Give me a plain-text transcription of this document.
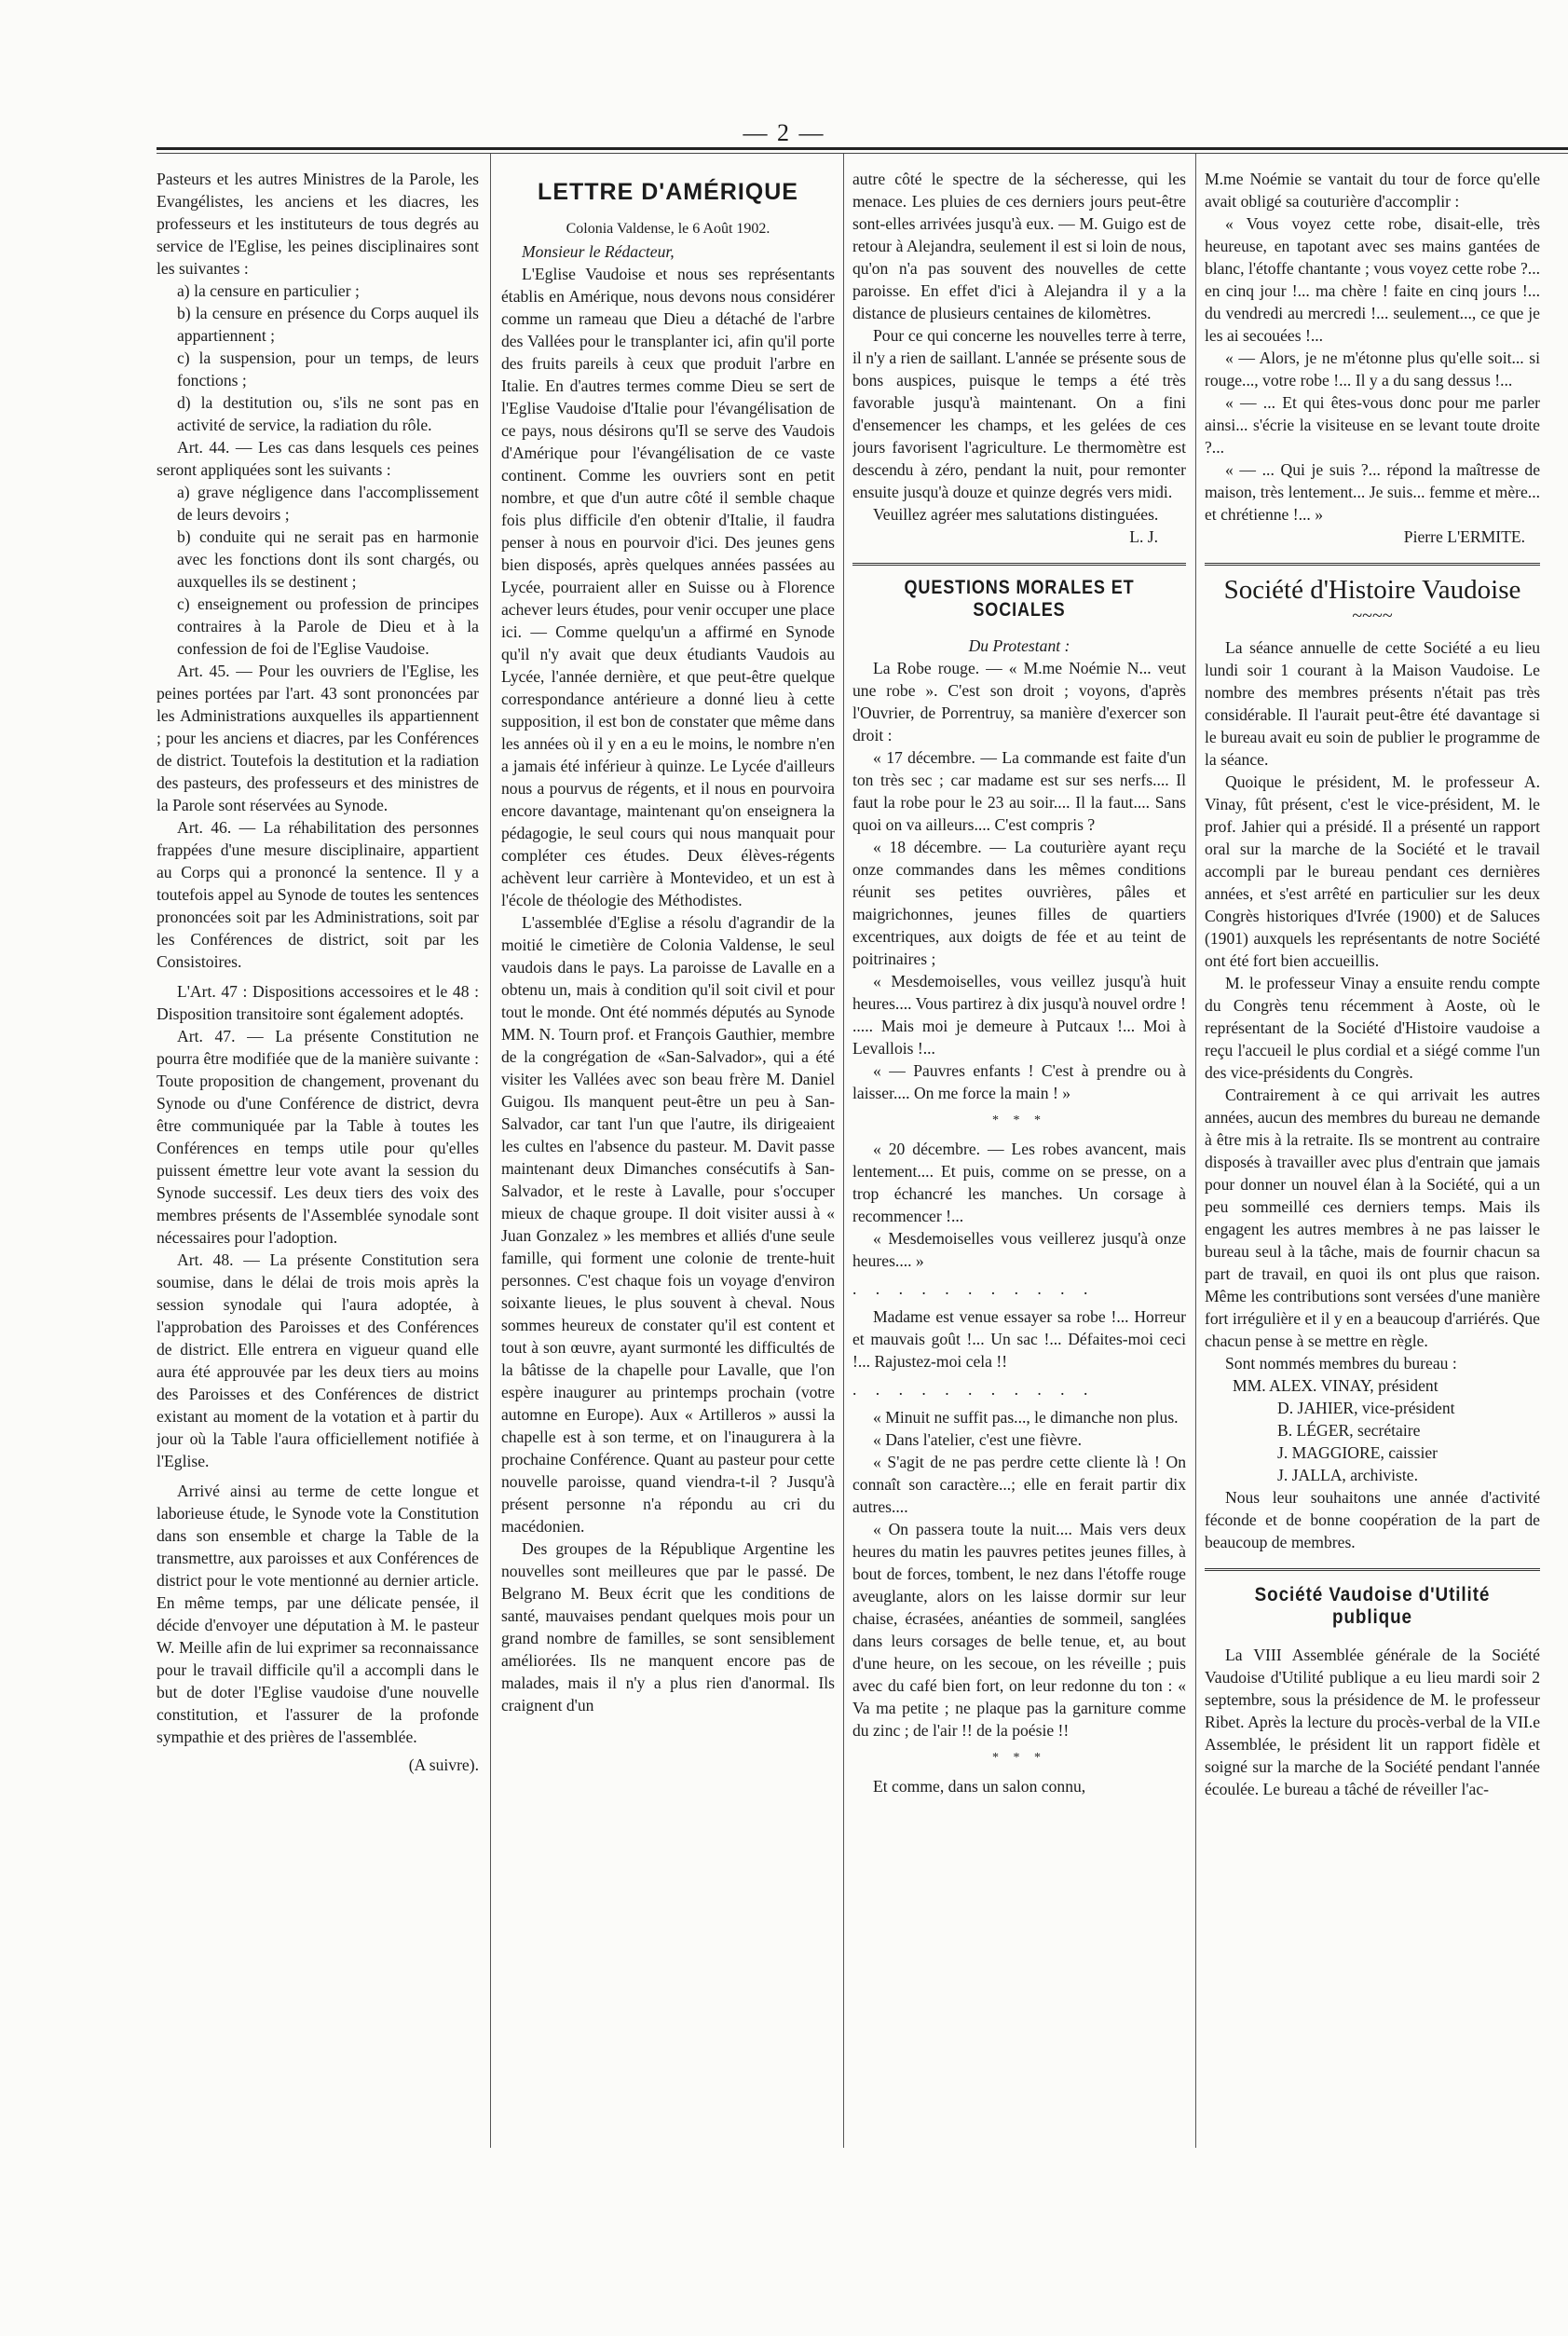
— 2 —

Pasteurs et les autres Ministres de la Parole, les Evangélistes, les anciens et les diacres, les professeurs et les instituteurs de tous degrés au service de l'Eglise, les peines disciplinaires sont les suivantes :

a) la censure en particulier ;

b) la censure en présence du Corps auquel ils appartiennent ;

c) la suspension, pour un temps, de leurs fonctions ;

d) la destitution ou, s'ils ne sont pas en activité de service, la radiation du rôle.

Art. 44. — Les cas dans lesquels ces peines seront appliquées sont les suivants :

a) grave négligence dans l'accomplissement de leurs devoirs ;

b) conduite qui ne serait pas en harmonie avec les fonctions dont ils sont chargés, ou auxquelles ils se destinent ;

c) enseignement ou profession de principes contraires à la Parole de Dieu et à la confession de foi de l'Eglise Vaudoise.

Art. 45. — Pour les ouvriers de l'Eglise, les peines portées par l'art. 43 sont prononcées par les Administrations auxquelles ils appartiennent ; pour les anciens et diacres, par les Conférences de district. Toutefois la destitution et la radiation des pasteurs, des professeurs et des ministres de la Parole sont réservées au Synode.

Art. 46. — La réhabilitation des personnes frappées d'une mesure disciplinaire, appartient au Corps qui a prononcé la sentence. Il y a toutefois appel au Synode de toutes les sentences prononcées soit par les Administrations, soit par les Conférences de district, soit par les Consistoires.

L'Art. 47 : Dispositions accessoires et le 48 : Disposition transitoire sont également adoptés.

Art. 47. — La présente Constitution ne pourra être modifiée que de la manière suivante : Toute proposition de changement, provenant du Synode ou d'une Conférence de district, devra être communiquée par la Table à toutes les Conférences en temps utile pour qu'elles puissent émettre leur vote avant la session du Synode successif. Les deux tiers des voix des membres présents de l'Assemblée synodale sont nécessaires pour l'adoption.

Art. 48. — La présente Constitution sera soumise, dans le délai de trois mois après la session synodale qui l'aura adoptée, à l'approbation des Paroisses et des Conférences de district. Elle entrera en vigueur quand elle aura été approuvée par les deux tiers au moins des Paroisses et des Conférences de district existant au moment de la votation et à partir du jour où la Table l'aura officiellement notifiée à l'Eglise.

Arrivé ainsi au terme de cette longue et laborieuse étude, le Synode vote la Constitution dans son ensemble et charge la Table de la transmettre, aux paroisses et aux Conférences de district pour le vote mentionné au dernier article. En même temps, par une délicate pensée, il décide d'envoyer une députation à M. le pasteur W. Meille afin de lui exprimer sa reconnaissance pour le travail difficile qu'il a accompli dans le but de doter l'Eglise vaudoise d'une nouvelle constitution, et l'assurer de la profonde sympathie et des prières de l'assemblée.

(A suivre).

LETTRE D'AMÉRIQUE

Colonia Valdense, le 6 Août 1902.

Monsieur le Rédacteur,

L'Eglise Vaudoise et nous ses représentants établis en Amérique, nous devons nous considérer comme un rameau que Dieu a détaché de l'arbre des Vallées pour le transplanter ici, afin qu'il porte des fruits pareils à ceux que produit l'arbre en Italie. En d'autres termes comme Dieu se sert de l'Eglise Vaudoise d'Italie pour l'évangélisation de ce pays, nous désirons qu'Il se serve des Vaudois d'Amérique pour l'évangélisation de ce vaste continent. Comme les ouvriers sont en petit nombre, et que d'un autre côté il semble chaque fois plus difficile d'en obtenir d'Italie, il faudra penser à nous en pourvoir d'ici. Des jeunes gens bien disposés, après quelques années passées au Lycée, pourraient aller en Suisse ou à Florence achever leurs études, pour venir occuper une place ici. — Comme quelqu'un a affirmé en Synode qu'il n'y avait que deux étudiants Vaudois au Lycée, l'année dernière, et que peut-être quelque correspondance antérieure a donné lieu à cette supposition, il est bon de constater que même dans les années où il y en a eu le moins, le nombre n'en a jamais été inférieur à quinze. Le Lycée d'ailleurs nous a pourvus de régents, et il nous en pourvoira encore davantage, maintenant qu'on enseignera la pédagogie, le seul cours qui nous manquait pour compléter ces études. Deux élèves-régents achèvent leur carrière à Montevideo, et un est à l'école de théologie des Méthodistes.

L'assemblée d'Eglise a résolu d'agrandir de la moitié le cimetière de Colonia Valdense, le seul vaudois dans le pays. La paroisse de Lavalle en a obtenu un, mais à condition qu'il soit civil et pour tout le monde. Ont été nommés députés au Synode MM. N. Tourn prof. et François Gauthier, membre de la congrégation de «San-Salvador», qui a été visiter les Vallées avec son beau frère M. Daniel Guigou. Ils manquent peut-être un peu à San-Salvador, car tant l'un que l'autre, ils dirigeaient les cultes en l'absence du pasteur. M. Davit passe maintenant deux Dimanches consécutifs à San-Salvador, et le reste à Lavalle, pour s'occuper mieux de chaque groupe. Il doit visiter aussi à « Juan Gonzalez » les membres et alliés d'une seule famille, qui forment une colonie de trente-huit personnes. C'est chaque fois un voyage d'environ soixante lieues, le plus souvent à cheval. Nous sommes heureux de constater qu'il est content et tout à son œuvre, ayant surmonté les difficultés de la bâtisse de la chapelle pour Lavalle, que l'on espère inaugurer au printemps prochain (votre automne en Europe). Aux « Artilleros » aussi la chapelle est à son terme, et on l'inaugurera à la prochaine Conférence. Quant au pasteur pour cette nouvelle paroisse, quand viendra-t-il ? Jusqu'à présent personne n'a répondu au cri du macédonien.

Des groupes de la République Argentine les nouvelles sont meilleures que par le passé. De Belgrano M. Beux écrit que les conditions de santé, mauvaises pendant quelques mois pour un grand nombre de familles, se sont sensiblement améliorées. Ils ne manquent encore pas de malades, mais il n'y a plus rien d'anormal. Ils craignent d'un

autre côté le spectre de la sécheresse, qui les menace. Les pluies de ces derniers jours peut-être sont-elles arrivées jusqu'à eux. — M. Guigo est de retour à Alejandra, seulement il est si loin de nous, qu'on n'a pas souvent des nouvelles de cette paroisse. En effet d'ici à Alejandra il y a la distance de plusieurs centaines de kilomètres.

Pour ce qui concerne les nouvelles terre à terre, il n'y a rien de saillant. L'année se présente sous de bons auspices, puisque le temps a été très favorable jusqu'à maintenant. On a fini d'ensemencer les champs, et les gelées de ces jours favorisent l'agriculture. Le thermomètre est descendu à zéro, pendant la nuit, pour remonter ensuite jusqu'à douze et quinze degrés vers midi.

Veuillez agréer mes salutations distinguées.

L. J.

QUESTIONS MORALES ET SOCIALES

Du Protestant :

La Robe rouge. — « M.me Noémie N... veut une robe ». C'est son droit ; voyons, d'après l'Ouvrier, de Porrentruy, sa manière d'exercer son droit :

« 17 décembre. — La commande est faite d'un ton très sec ; car madame est sur ses nerfs.... Il faut la robe pour le 23 au soir.... Il la faut.... Sans quoi on va ailleurs.... C'est compris ?

« 18 décembre. — La couturière ayant reçu onze commandes dans les mêmes conditions réunit ses petites ouvrières, pâles et maigrichonnes, jeunes filles de quartiers excentriques, aux doigts de fée et au teint de poitrinaires ;

« Mesdemoiselles, vous veillez jusqu'à huit heures.... Vous partirez à dix jusqu'à nouvel ordre ! ..... Mais moi je demeure à Putcaux !... Moi à Levallois !...

« — Pauvres enfants ! C'est à prendre ou à laisser.... On me force la main ! »

* * *

« 20 décembre. — Les robes avancent, mais lentement.... Et puis, comme on se presse, on a trop échancré les manches. Un corsage à recommencer !...

« Mesdemoiselles vous veillerez jusqu'à onze heures.... »

. . . . . . . . . . .

Madame est venue essayer sa robe !... Horreur et mauvais goût !... Un sac !... Défaites-moi ceci !... Rajustez-moi cela !!

. . . . . . . . . . .

« Minuit ne suffit pas..., le dimanche non plus.

« Dans l'atelier, c'est une fièvre.

« S'agit de ne pas perdre cette cliente là ! On connaît son caractère...; elle en ferait partir dix autres....

« On passera toute la nuit.... Mais vers deux heures du matin les pauvres petites jeunes filles, à bout de forces, tombent, le nez dans l'étoffe rouge aveuglante, alors on les laisse dormir sur leur chaise, écrasées, anéanties de sommeil, sanglées dans leurs corsages de belle tenue, et, au bout d'une heure, on les secoue, on les réveille ; puis avec du café bien fort, on leur redonne du ton : « Va ma petite ; ne plaque pas la garniture comme du zinc ; de l'air !! de la poésie !!

* * *

Et comme, dans un salon connu,

M.me Noémie se vantait du tour de force qu'elle avait obligé sa couturière d'accomplir :

« Vous voyez cette robe, disait-elle, très heureuse, en tapotant avec ses mains gantées de blanc, l'étoffe chantante ; vous voyez cette robe ?... en cinq jour !... ma chère ! faite en cinq jours !... du vendredi au mercredi !... seulement..., ce que je les ai secouées !...

« — Alors, je ne m'étonne plus qu'elle soit... si rouge..., votre robe !... Il y a du sang dessus !...

« — ... Et qui êtes-vous donc pour me parler ainsi... s'écrie la visiteuse en se levant toute droite ?...

« — ... Qui je suis ?... répond la maîtresse de maison, très lentement... Je suis... femme et mère... et chrétienne !... »

Pierre L'ERMITE.

Société d'Histoire Vaudoise
~~~~

La séance annuelle de cette Société a eu lieu lundi soir 1 courant à la Maison Vaudoise. Le nombre des membres présents n'était pas très considérable. Il l'aurait peut-être été davantage si le bureau avait eu soin de publier le programme de la séance.

Quoique le président, M. le professeur A. Vinay, fût présent, c'est le vice-président, M. le prof. Jahier qui a présidé. Il a présenté un rapport oral sur la marche de la Société et le travail accompli par le bureau pendant ces dernières années, et s'est arrêté en particulier sur les deux Congrès historiques d'Ivrée (1900) et de Saluces (1901) auxquels les représentants de notre Société ont été fort bien accueillis.

M. le professeur Vinay a ensuite rendu compte du Congrès tenu récemment à Aoste, où le représentant de la Société d'Histoire vaudoise a reçu l'accueil le plus cordial et a siégé comme l'un des vice-présidents du Congrès.

Contrairement à ce qui arrivait les autres années, aucun des membres du bureau ne demande à être mis à la retraite. Ils se montrent au contraire disposés à travailler avec plus d'entrain que jamais pour donner un nouvel élan à la Société, qui a un peu sommeillé ces derniers temps. Mais ils engagent les autres membres à ne pas laisser le bureau seul à la tâche, mais de fournir chacun sa part de travail, en quoi ils ont plus que raison. Même les contributions sont versées d'une manière fort irrégulière et il y en a beaucoup d'arriérés. Que chacun pense à se mettre en règle.

Sont nommés membres du bureau :

MM. ALEX. VINAY, président

D. JAHIER, vice-président

B. LÉGER, secrétaire

J. MAGGIORE, caissier

J. JALLA, archiviste.

Nous leur souhaitons une année d'activité féconde et de bonne coopération de la part de beaucoup de membres.

Société Vaudoise d'Utilité publique

La VIII Assemblée générale de la Société Vaudoise d'Utilité publique a eu lieu mardi soir 2 septembre, sous la présidence de M. le professeur Ribet. Après la lecture du procès-verbal de la VII.e Assemblée, le président lit un rapport fidèle et soigné sur la marche de la Société pendant l'année écoulée. Le bureau a tâché de réveiller l'ac-
